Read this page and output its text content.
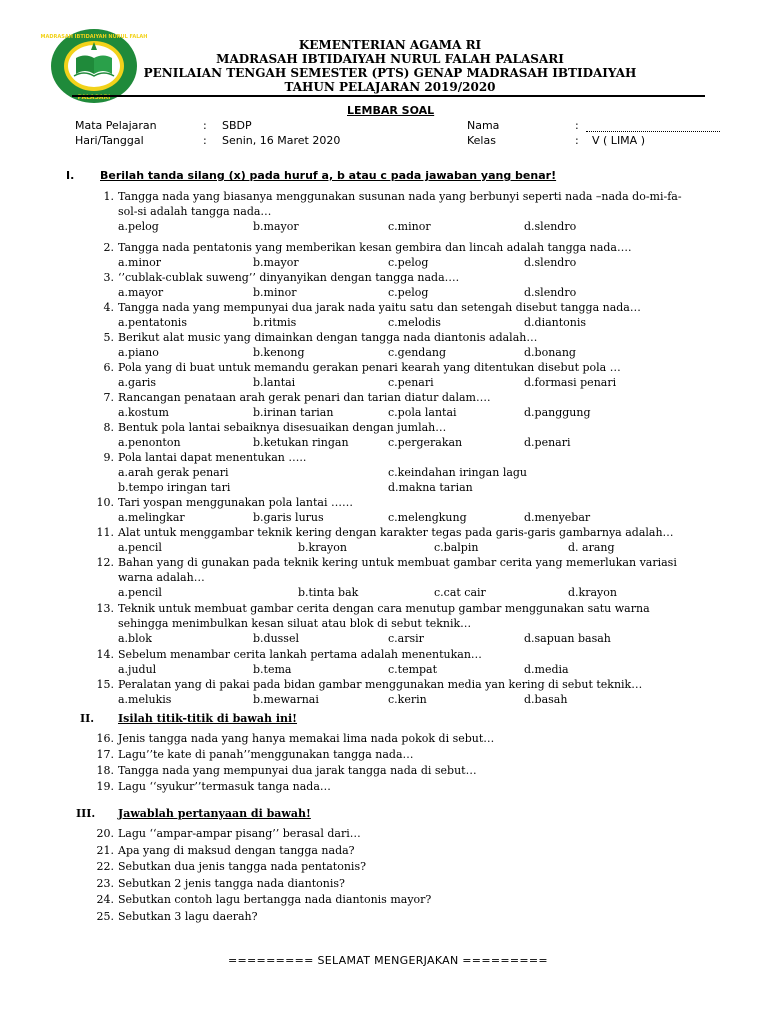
MADRASAH IBTIDAIYAH NURUL FALAH
PALASARI
KEMENTERIAN AGAMA RI
MADRASAH IBTIDAIYAH NURUL FALAH PALASARI
PENILAIAN TENGAH SEMESTER (PTS) GENAP MADRASAH IBTIDAIYAH
TAHUN PELAJARAN 2019/2020
LEMBAR SOAL
Mata Pelajaran	: SBDP	Nama	:
Hari/Tanggal	: Senin, 16 Maret 2020	Kelas	: V ( LIMA )
I. Berilah tanda silang (x) pada huruf a, b atau c pada jawaban yang benar!
1. Tangga nada yang biasanya menggunakan susunan nada yang berbunyi seperti nada –nada do-mi-fa-
sol-si adalah tangga nada…
a.pelog	b.mayor	c.minor	d.slendro
2. Tangga nada pentatonis yang memberikan kesan gembira dan lincah adalah tangga nada….
a.minor	b.mayor	c.pelog	d.slendro
3. ‘’cublak-cublak suweng’’ dinyanyikan dengan tangga nada….
a.mayor	b.minor	c.pelog	d.slendro
4. Tangga nada yang mempunyai dua jarak nada yaitu satu dan setengah disebut tangga nada…
a.pentatonis	b.ritmis	c.melodis	d.diantonis
5. Berikut alat music yang dimainkan dengan tangga nada diantonis adalah…
a.piano	b.kenong	c.gendang	d.bonang
6. Pola yang di buat untuk memandu gerakan penari kearah yang ditentukan disebut pola …
a.garis	b.lantai	c.penari	d.formasi penari
7. Rancangan penataan arah gerak penari dan tarian diatur dalam….
a.kostum	b.irinan tarian	c.pola lantai	d.panggung
8. Bentuk pola lantai sebaiknya disesuaikan dengan jumlah…
a.penonton	b.ketukan ringan	c.pergerakan	d.penari
9. Pola lantai dapat menentukan …..
a.arah gerak penari
b.tempo iringan tari
c.keindahan iringan lagu
d.makna tarian
10. Tari yospan menggunakan pola lantai ……
a.melingkar	b.garis lurus	c.melengkung	d.menyebar
11. Alat untuk menggambar teknik kering dengan karakter tegas pada garis-garis gambarnya adalah…
a.pencil	b.krayon	c.balpin	d. arang
12. Bahan yang di gunakan pada teknik kering untuk membuat gambar cerita yang memerlukan variasi
warna adalah…
a.pencil	b.tinta bak	c.cat cair	d.krayon
13. Teknik untuk membuat gambar cerita dengan cara menutup gambar menggunakan satu warna
sehingga menimbulkan kesan siluat atau blok di sebut teknik…
a.blok	b.dussel	c.arsir	d.sapuan basah
14. Sebelum menambar cerita lankah pertama adalah menentukan…
a.judul	b.tema	c.tempat	d.media
15. Peralatan yang di pakai pada bidan gambar menggunakan media yan kering di sebut teknik…
a.melukis	b.mewarnai	c.kerin	d.basah
II. Isilah titik-titik di bawah ini!
16. Jenis tangga nada yang hanya memakai lima nada pokok di sebut…
17. Lagu’’te kate di panah’’menggunakan tangga nada…
18. Tangga nada yang mempunyai dua jarak tangga nada di sebut…
19. Lagu ‘‘syukur’’termasuk tanga nada…
III. Jawablah pertanyaan di bawah!
20. Lagu ‘‘ampar-ampar pisang’’ berasal dari…
21. Apa yang di maksud dengan tangga nada?
22. Sebutkan dua jenis tangga nada pentatonis?
23. Sebutkan 2 jenis tangga nada diantonis?
24. Sebutkan contoh lagu bertangga nada diantonis mayor?
25. Sebutkan 3 lagu daerah?
========= SELAMAT MENGERJAKAN =========
